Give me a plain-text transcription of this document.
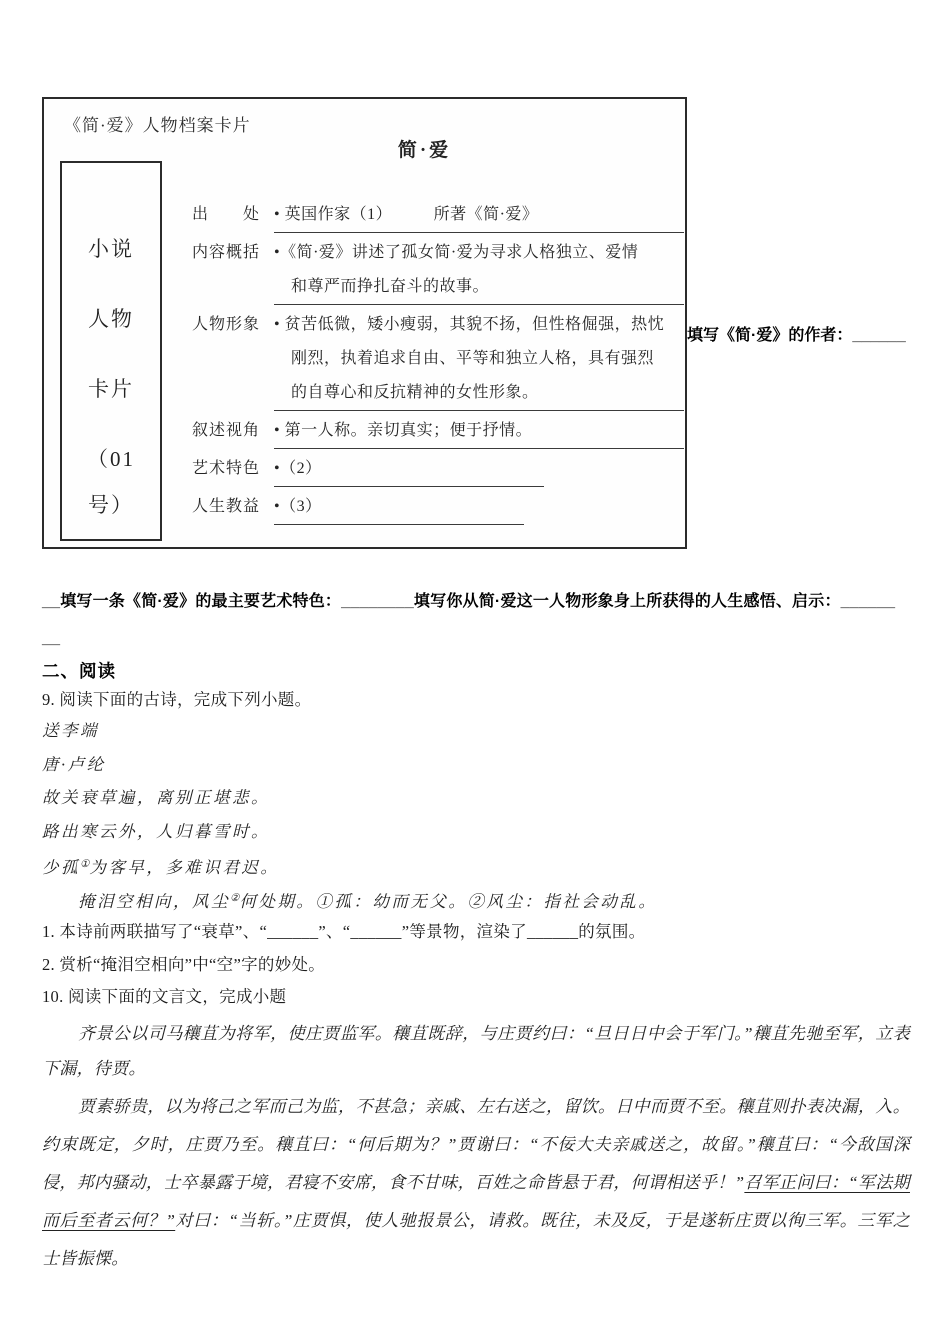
《简·爱》人物档案卡片
简·爱
小说
人物
卡片
（01
号）
出　　处 • 英国作家（1）　　　所著《简·爱》
内容概括 •《简·爱》讲述了孤女简·爱为寻求人格独立、爱情
和尊严而挣扎奋斗的故事。
人物形象 • 贫苦低微，矮小瘦弱，其貌不扬，但性格倔强，热忱
刚烈，执着追求自由、平等和独立人格，具有强烈
的自尊心和反抗精神的女性形象。
叙述视角 • 第一人称。亲切真实；便于抒情。
艺术特色 •（2）
人生教益 •（3）
填写《简·爱》的作者：______
__填写一条《简·爱》的最主要艺术特色：________填写你从简·爱这一人物形象身上所获得的人生感悟、启示：______
__
二、阅读
9. 阅读下面的古诗，完成下列小题。
送李端
唐·卢纶
故关衰草遍，离别正堪悲。
路出寒云外，人归暮雪时。
少孤①为客早，多难识君迟。
掩泪空相向，风尘②何处期。①孤：幼而无父。②风尘：指社会动乱。
1. 本诗前两联描写了“衰草”、“______”、“______”等景物，渲染了______的氛围。
2. 赏析“掩泪空相向”中“空”字的妙处。
10. 阅读下面的文言文，完成小题

齐景公以司马穰苴为将军，使庄贾监军。穰苴既辞，与庄贾约曰：“旦日日中会于军门。”穰苴先驰至军，立表下漏，待贾。

贾素骄贵，以为将己之军而己为监，不甚急；亲戚、左右送之，留饮。日中而贾不至。穰苴则扑表决漏，入。约束既定，夕时，庄贾乃至。穰苴曰：“何后期为？”贾谢曰：“不佞大夫亲戚送之，故留。”穰苴曰：“今敌国深侵，邦内骚动，士卒暴露于境，君寝不安席，食不甘味，百姓之命皆悬于君，何谓相送乎！”召军正问曰：“军法期而后至者云何？”对曰：“当斩。”庄贾惧，使人驰报景公，请救。既往，未及反，于是遂斩庄贾以徇三军。三军之士皆振慄。
